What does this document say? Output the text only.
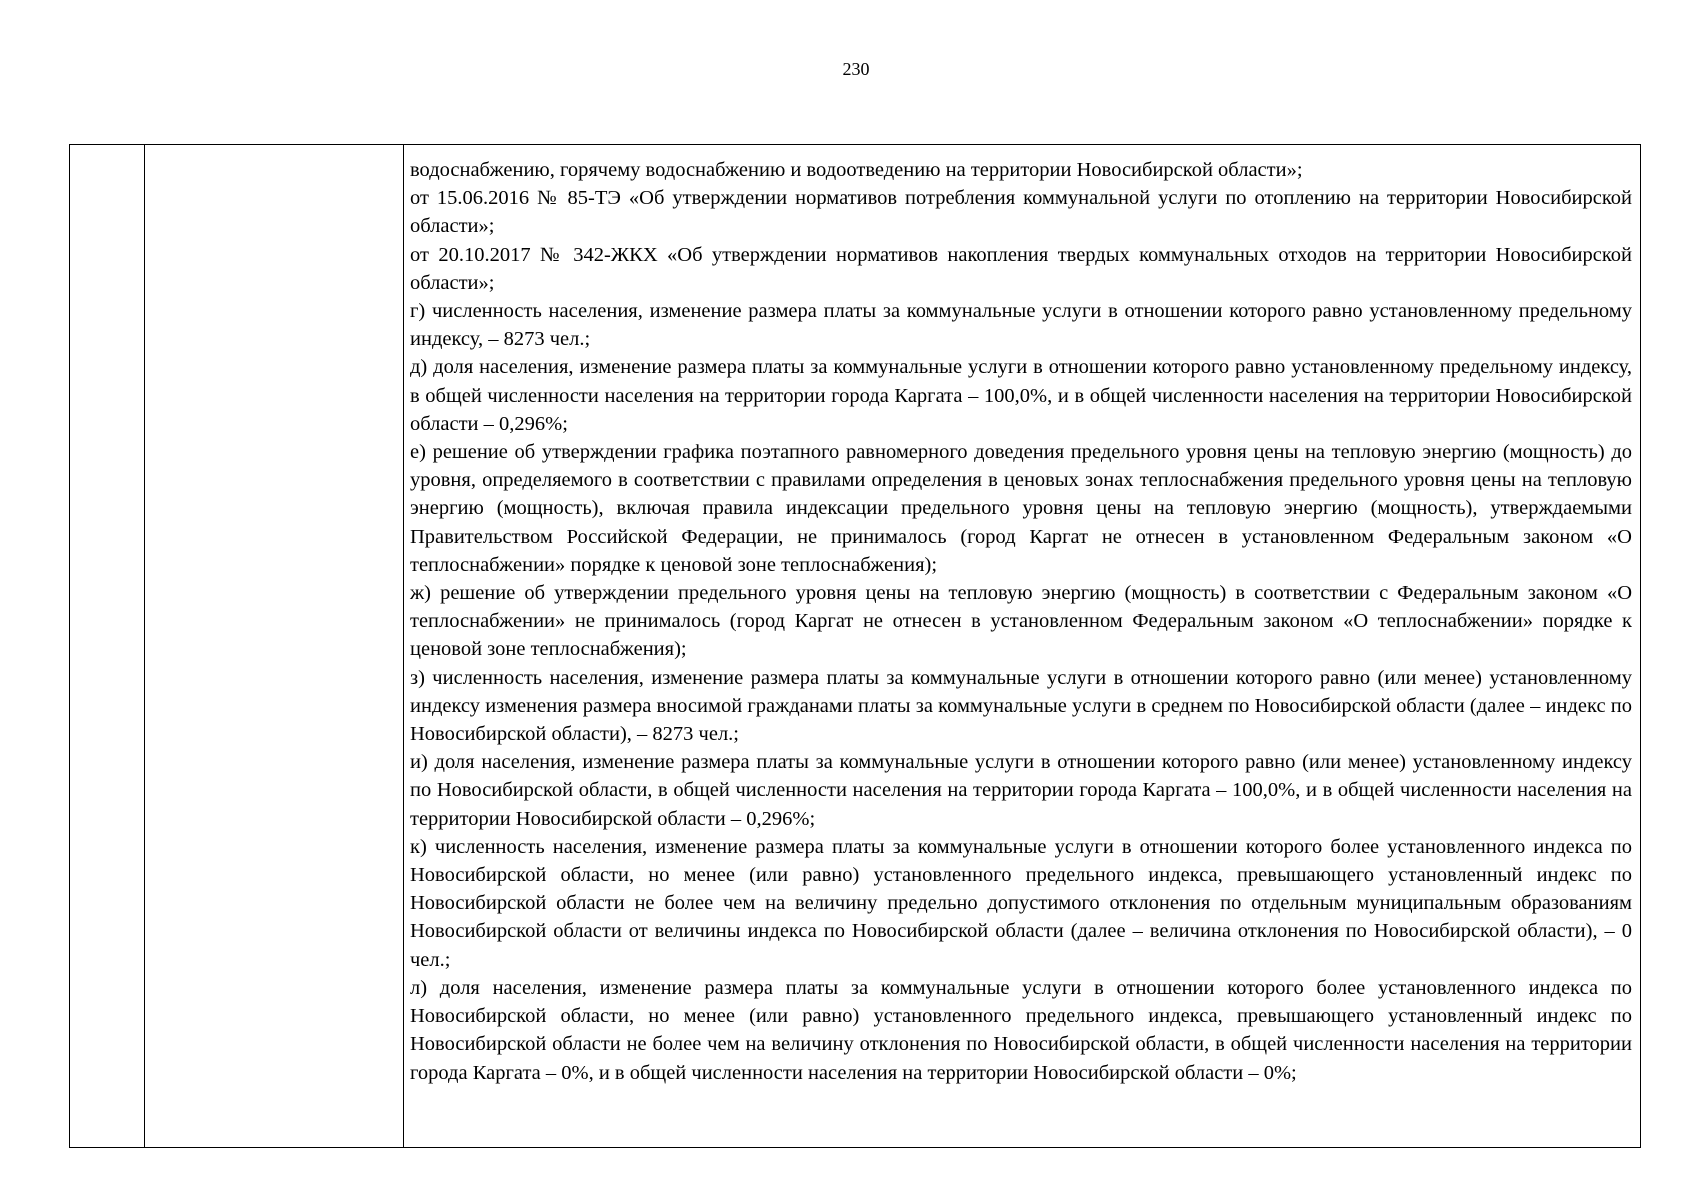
230

водоснабжению, горячему водоснабжению и водоотведению на территории Новосибирской области»;

от 15.06.2016 № 85-ТЭ «Об утверждении нормативов потребления коммунальной услуги по отоплению на территории Новосибирской области»;

от 20.10.2017 № 342-ЖКХ «Об утверждении нормативов накопления твердых коммунальных отходов на территории Новосибирской области»;

г) численность населения, изменение размера платы за коммунальные услуги в отношении которого равно установленному предельному индексу, – 8273 чел.;

д) доля населения, изменение размера платы за коммунальные услуги в отношении которого равно установленному предельному индексу, в общей численности населения на территории города Каргата – 100,0%, и в общей численности населения на территории Новосибирской области – 0,296%;

е) решение об утверждении графика поэтапного равномерного доведения предельного уровня цены на тепловую энергию (мощность) до уровня, определяемого в соответствии с правилами определения в ценовых зонах теплоснабжения предельного уровня цены на тепловую энергию (мощность), включая правила индексации предельного уровня цены на тепловую энергию (мощность), утверждаемыми Правительством Российской Федерации, не принималось (город Каргат не отнесен в установленном Федеральным законом «О теплоснабжении» порядке к ценовой зоне теплоснабжения);

ж) решение об утверждении предельного уровня цены на тепловую энергию (мощность) в соответствии с Федеральным законом «О теплоснабжении» не принималось (город Каргат не отнесен в установленном Федеральным законом «О теплоснабжении» порядке к ценовой зоне теплоснабжения);

з) численность населения, изменение размера платы за коммунальные услуги в отношении которого равно (или менее) установленному индексу изменения размера вносимой гражданами платы за коммунальные услуги в среднем по Новосибирской области (далее – индекс по Новосибирской области), – 8273 чел.;

и) доля населения, изменение размера платы за коммунальные услуги в отношении которого равно (или менее) установленному индексу по Новосибирской области, в общей численности населения на территории города Каргата – 100,0%, и в общей численности населения на территории Новосибирской области – 0,296%;

к) численность населения, изменение размера платы за коммунальные услуги в отношении которого более установленного индекса по Новосибирской области, но менее (или равно) установленного предельного индекса, превышающего установленный индекс по Новосибирской области не более чем на величину предельно допустимого отклонения по отдельным муниципальным образованиям Новосибирской области от величины индекса по Новосибирской области (далее – величина отклонения по Новосибирской области), – 0 чел.;

л) доля населения, изменение размера платы за коммунальные услуги в отношении которого более установленного индекса по Новосибирской области, но менее (или равно) установленного предельного индекса, превышающего установленный индекс по Новосибирской области не более чем на величину отклонения по Новосибирской области, в общей численности населения на территории города Каргата – 0%, и в общей численности населения на территории Новосибирской области – 0%;
